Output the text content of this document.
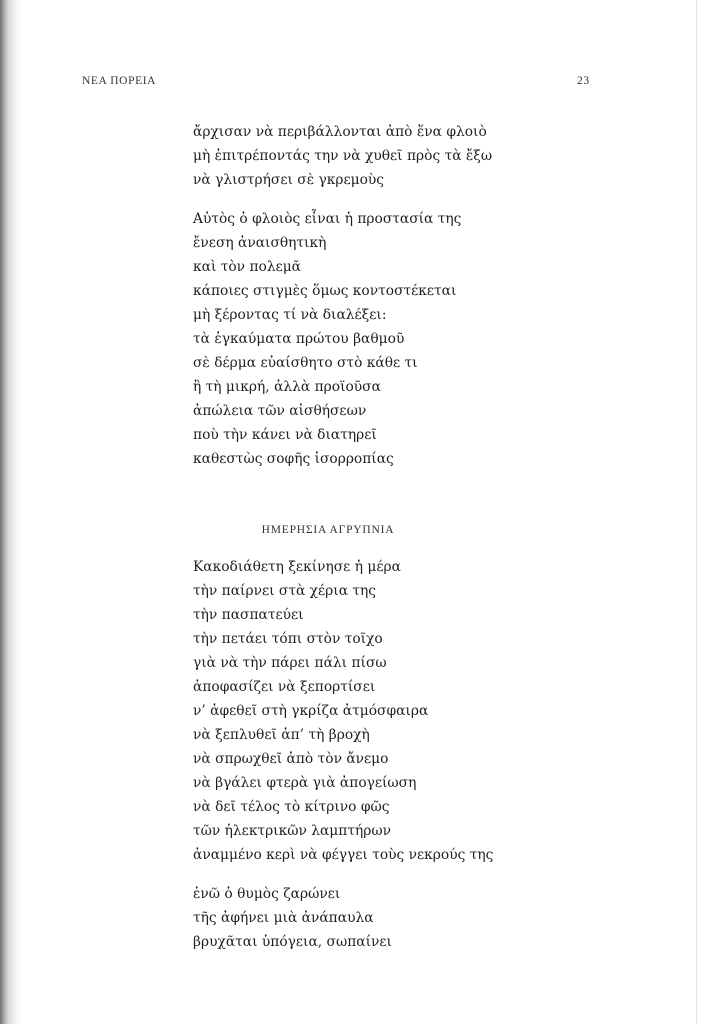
ΝΕΑ ΠΟΡΕΙΑ	23
ἄρχισαν νὰ περιβάλλονται ἀπὸ ἕνα φλοιὸ
μὴ ἐπιτρέποντάς την νὰ χυθεῖ πρὸς τὰ ἔξω
νὰ γλιστρήσει σὲ γκρεμοὺς
Αὐτὸς ὁ φλοιὸς εἶναι ἡ προστασία της
ἔνεση ἀναισθητικὴ
καὶ τὸν πολεμᾶ
κάποιες στιγμὲς ὅμως κοντοστέκεται
μὴ ξέροντας τί νὰ διαλέξει:
τὰ ἐγκαύματα πρώτου βαθμοῦ
σὲ δέρμα εὐαίσθητο στὸ κάθε τι
ἢ τὴ μικρή, ἀλλὰ προϊοῦσα
ἀπώλεια τῶν αἰσθήσεων
ποὺ τὴν κάνει νὰ διατηρεῖ
καθεστὼς σοφῆς ἰσορροπίας
ΗΜΕΡΗΣΙΑ ΑΓΡΥΠΝΙΑ
Κακοδιάθετη ξεκίνησε ἡ μέρα
τὴν παίρνει στὰ χέρια της
τὴν πασπατεύει
τὴν πετάει τόπι στὸν τοῖχο
γιὰ νὰ τὴν πάρει πάλι πίσω
ἀποφασίζει νὰ ξεπορτίσει
ν’ ἀφεθεῖ στὴ γκρίζα ἀτμόσφαιρα
νὰ ξεπλυθεῖ ἀπ’ τὴ βροχὴ
νὰ σπρωχθεῖ ἀπὸ τὸν ἄνεμο
νὰ βγάλει φτερὰ γιὰ ἀπογείωση
νὰ δεῖ τέλος τὸ κίτρινο φῶς
τῶν ἠλεκτρικῶν λαμπτήρων
ἀναμμένο κερὶ νὰ φέγγει τοὺς νεκρούς της
ἐνῶ ὁ θυμὸς ζαρώνει
τῆς ἀφήνει μιὰ ἀνάπαυλα
βρυχᾶται ὑπόγεια, σωπαίνει
